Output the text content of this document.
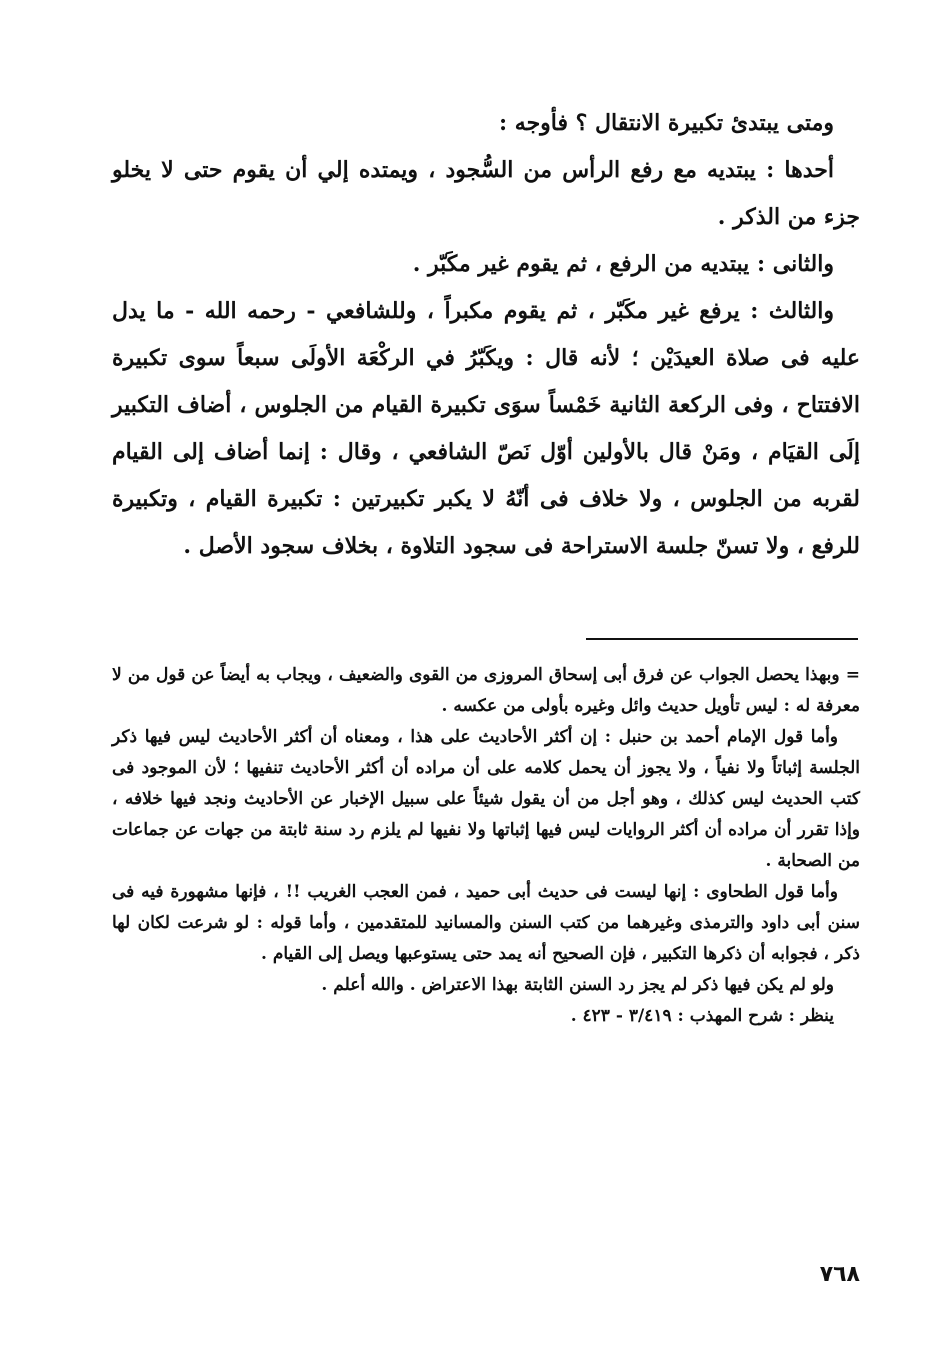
ومتى يبتدئ تكبيرة الانتقال ؟ فأوجه :

أحدها : يبتديه مع رفع الرأس من السُّجود ، ويمتده إلي أن يقوم حتى لا يخلو جزء من الذكر .

والثانى : يبتديه من الرفع ، ثم يقوم غير مكَبّر .

والثالث : يرفع غير مكَبّر ، ثم يقوم مكبراً ، وللشافعي - رحمه الله - ما يدل عليه فى صلاة العيدَيْن ؛ لأنه قال : ويكَبّرُ في الركْعَة الأولَى سبعاً سوى تكبيرة الافتتاح ، وفى الركعة الثانية خَمْساً سوَى تكبيرة القيام من الجلوس ، أضاف التكبير إلَى القيَام ، ومَنْ قال بالأولين أوّل نَصّ الشافعي ، وقال : إنما أضاف إلى القيام لقربه من الجلوس ، ولا خلاف فى أنّهُ لا يكبر تكبيرتين : تكبيرة القيام ، وتكبيرة للرفع ، ولا تسنّ جلسة الاستراحة فى سجود التلاوة ، بخلاف سجود الأصل .

= وبهذا يحصل الجواب عن فرق أبى إسحاق المروزى من القوى والضعيف ، ويجاب به أيضاً عن قول من لا معرفة له : ليس تأويل حديث وائل وغيره بأولى من عكسه .

وأما قول الإمام أحمد بن حنبل : إن أكثر الأحاديث على هذا ، ومعناه أن أكثر الأحاديث ليس فيها ذكر الجلسة إثباتاً ولا نفياً ، ولا يجوز أن يحمل كلامه على أن مراده أن أكثر الأحاديث تنفيها ؛ لأن الموجود فى كتب الحديث ليس كذلك ، وهو أجل من أن يقول شيئاً على سبيل الإخبار عن الأحاديث ونجد فيها خلافه ، وإذا تقرر أن مراده أن أكثر الروايات ليس فيها إثباتها ولا نفيها لم يلزم رد سنة ثابتة من جهات عن جماعات من الصحابة .

وأما قول الطحاوى : إنها ليست فى حديث أبى حميد ، فمن العجب الغريب !! ، فإنها مشهورة فيه فى سنن أبى داود والترمذى وغيرهما من كتب السنن والمسانيد للمتقدمين ، وأما قوله : لو شرعت لكان لها ذكر ، فجوابه أن ذكرها التكبير ، فإن الصحيح أنه يمد حتى يستوعبها ويصل إلى القيام .

ولو لم يكن فيها ذكر لم يجز رد السنن الثابتة بهذا الاعتراض . والله أعلم .

ينظر : شرح المهذب : ٣/٤١٩ - ٤٢٣ .

٧٦٨
